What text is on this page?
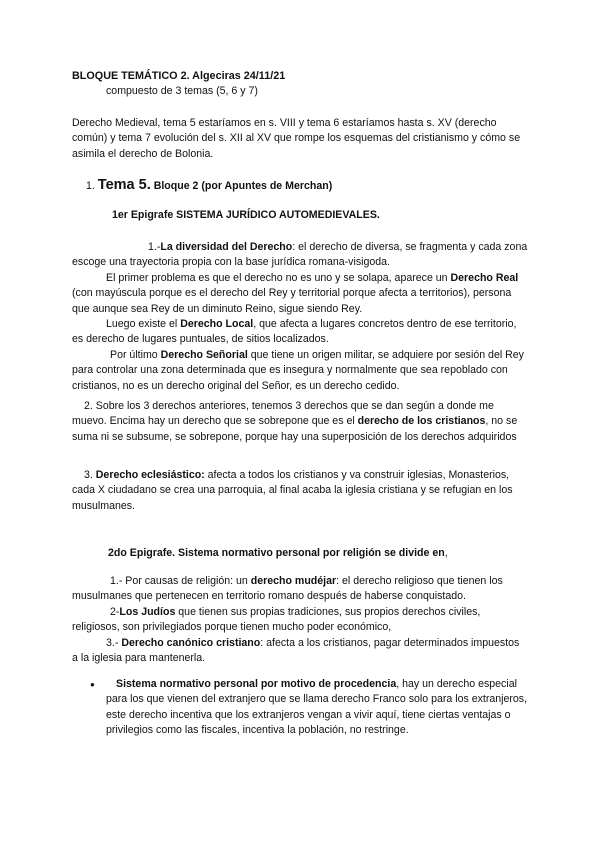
BLOQUE TEMÁTICO 2. Algeciras 24/11/21

compuesto de 3 temas (5, 6 y 7)

Derecho Medieval, tema 5 estaríamos en s. VIII y tema 6 estaríamos hasta s. XV (derecho común) y tema 7 evolución del s. XII al XV que rompe los esquemas del cristianismo y cómo se asimila el derecho de Bolonia.

1. Tema 5. Bloque 2 (por Apuntes de Merchan)

1er Epigrafe SISTEMA JURÍDICO AUTOMEDIEVALES.

1.-La diversidad del Derecho: el derecho de diversa, se fragmenta y cada zona escoge una trayectoria propia con la base jurídica romana-visigoda.

El primer problema es que el derecho no es uno y se solapa, aparece un Derecho Real (con mayúscula porque es el derecho del Rey y territorial porque afecta a territorios), persona que aunque sea Rey de un diminuto Reino, sigue siendo Rey.

Luego existe el Derecho Local, que afecta a lugares concretos dentro de ese territorio, es derecho de lugares puntuales, de sitios localizados.

Por último Derecho Señorial que tiene un origen militar, se adquiere por sesión del Rey para controlar una zona determinada que es insegura y normalmente que sea repoblado con cristianos, no es un derecho original del Señor, es un derecho cedido.

2. Sobre los 3 derechos anteriores, tenemos 3 derechos que se dan según a donde me muevo. Encima hay un derecho que se sobrepone que es el derecho de los cristianos, no se suma ni se subsume, se sobrepone, porque hay una superposición de los derechos adquiridos

3. Derecho eclesiástico: afecta a todos los cristianos y va construir iglesias, Monasterios, cada X ciudadano se crea una parroquia, al final acaba la iglesia cristiana y se refugian en los musulmanes.

2do Epigrafe. Sistema normativo personal por religión se divide en,

1.- Por causas de religión: un derecho mudéjar: el derecho religioso que tienen los musulmanes que pertenecen en territorio romano después de haberse conquistado.

2-Los Judíos que tienen sus propias tradiciones, sus propios derechos civiles, religiosos, son privilegiados porque tienen mucho poder económico,

3.- Derecho canónico cristiano: afecta a los cristianos, pagar determinados impuestos a la iglesia para mantenerla.

●	Sistema normativo personal por motivo de procedencia, hay un derecho especial para los que vienen del extranjero que se llama derecho Franco solo para los extranjeros, este derecho incentiva que los extranjeros vengan a vivir aquí, tiene ciertas ventajas o privilegios como las fiscales, incentiva la población, no restringe.
